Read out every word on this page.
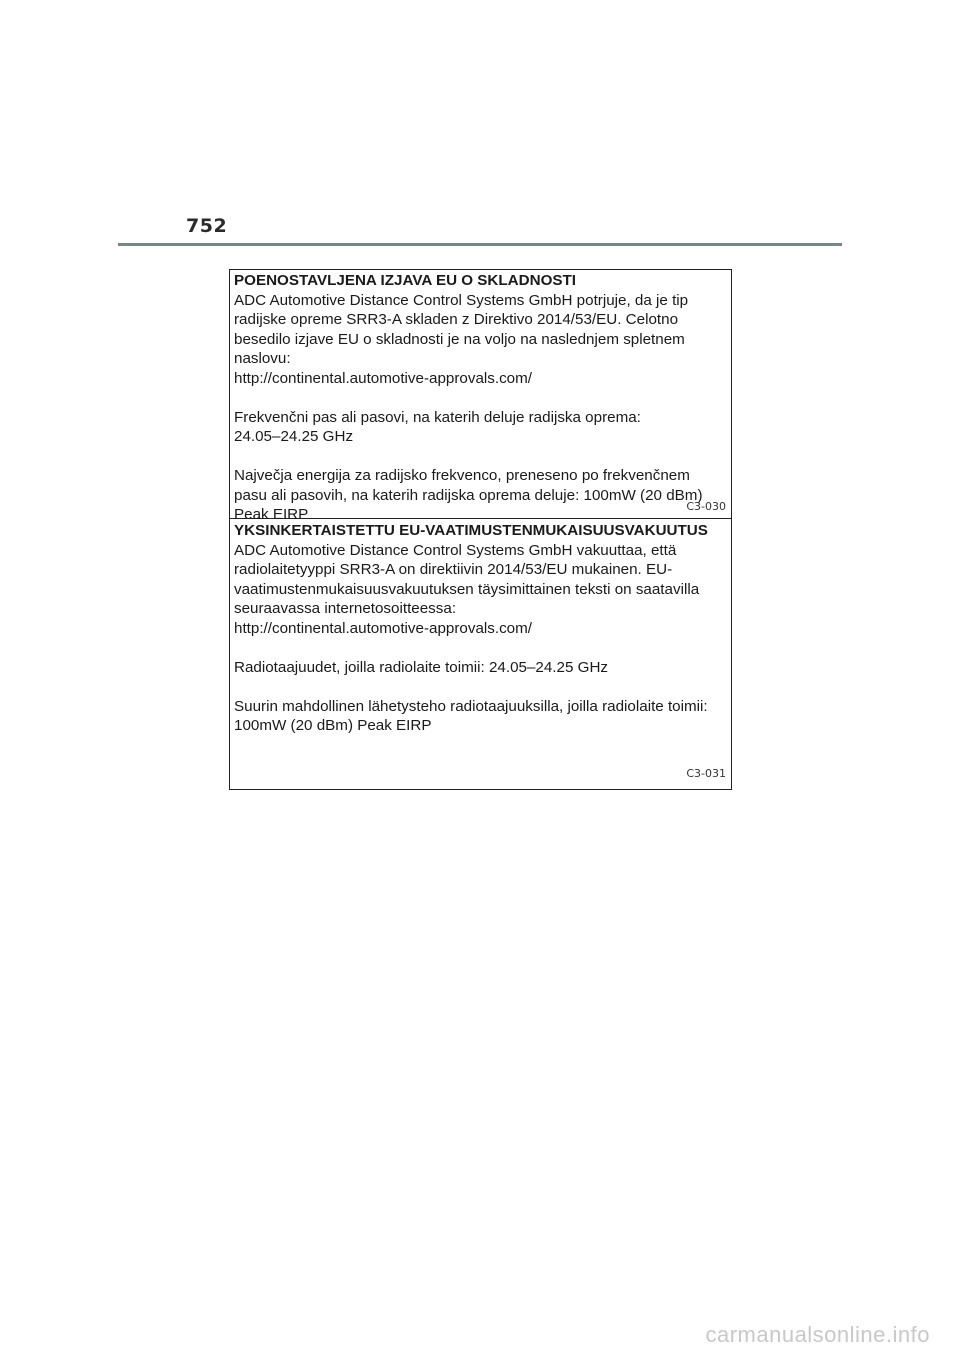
752

POENOSTAVLJENA IZJAVA EU O SKLADNOSTI

ADC Automotive Distance Control Systems GmbH potrjuje, da je tip
radijske opreme SRR3-A skladen z Direktivo 2014/53/EU. Celotno
besedilo izjave EU o skladnosti je na voljo na naslednjem spletnem
naslovu:
http://continental.automotive-approvals.com/

Frekvenčni pas ali pasovi, na katerih deluje radijska oprema:
24.05–24.25 GHz

Največja energija za radijsko frekvenco, preneseno po frekvenčnem
pasu ali pasovih, na katerih radijska oprema deluje: 100mW (20 dBm)
Peak EIRP	C3-030

YKSINKERTAISTETTU EU-VAATIMUSTENMUKAISUUSVAKUUTUS

ADC Automotive Distance Control Systems GmbH vakuuttaa, että
radiolaitetyyppi SRR3-A on direktiivin 2014/53/EU mukainen. EU-
vaatimustenmukaisuusvakuutuksen täysimittainen teksti on saatavilla
seuraavassa internetosoitteessa:
http://continental.automotive-approvals.com/

Radiotaajuudet, joilla radiolaite toimii: 24.05–24.25 GHz

Suurin mahdollinen lähetysteho radiotaajuuksilla, joilla radiolaite toimii:
100mW (20 dBm) Peak EIRP

C3-031
carmanualsonline.info
